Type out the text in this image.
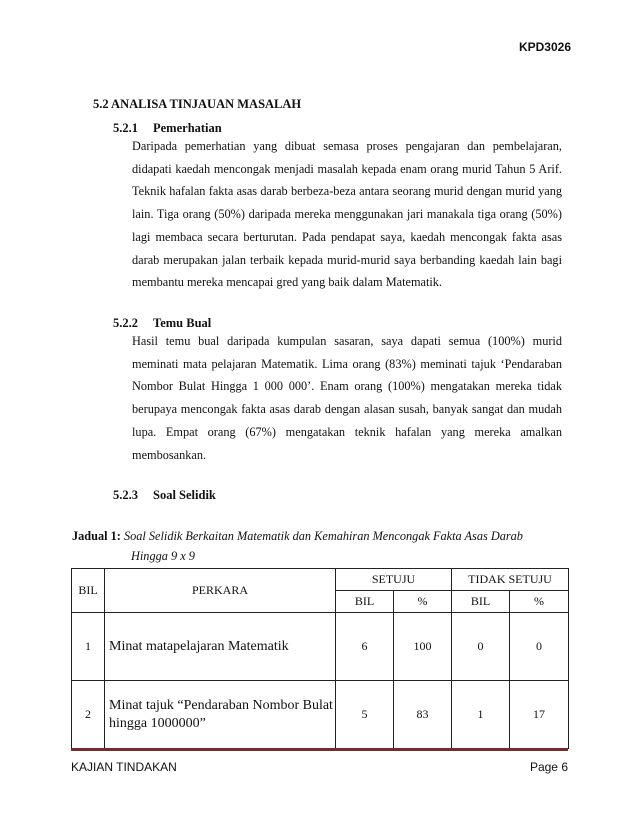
KPD3026
5.2 ANALISA TINJAUAN MASALAH
5.2.1 Pemerhatian

Daripada pemerhatian yang dibuat semasa proses pengajaran dan pembelajaran, didapati kaedah mencongak menjadi masalah kepada enam orang murid Tahun 5 Arif. Teknik hafalan fakta asas darab berbeza-beza antara seorang murid dengan murid yang lain. Tiga orang (50%) daripada mereka menggunakan jari manakala tiga orang (50%) lagi membaca secara berturutan. Pada pendapat saya, kaedah mencongak fakta asas darab merupakan jalan terbaik kepada murid-murid saya berbanding kaedah lain bagi membantu mereka mencapai gred yang baik dalam Matematik.

5.2.2 Temu Bual

Hasil temu bual daripada kumpulan sasaran, saya dapati semua (100%) murid meminati mata pelajaran Matematik. Lima orang (83%) meminati tajuk ‘Pendaraban Nombor Bulat Hingga 1 000 000’. Enam orang (100%) mengatakan mereka tidak berupaya mencongak fakta asas darab dengan alasan susah, banyak sangat dan mudah lupa. Empat orang (67%) mengatakan teknik hafalan yang mereka amalkan membosankan.

5.2.3 Soal Selidik
Jadual 1: Soal Selidik Berkaitan Matematik dan Kemahiran Mencongak Fakta Asas Darab
Hingga 9 x 9
BIL	PERKARA	SETUJU		TIDAK SETUJU	
		BIL	%	BIL	%
1	Minat matapelajaran Matematik	6	100	0	0
2	Minat tajuk “Pendaraban Nombor Bulat hingga 1000000”	5	83	1	17
KAJIAN TINDAKAN	Page 6
